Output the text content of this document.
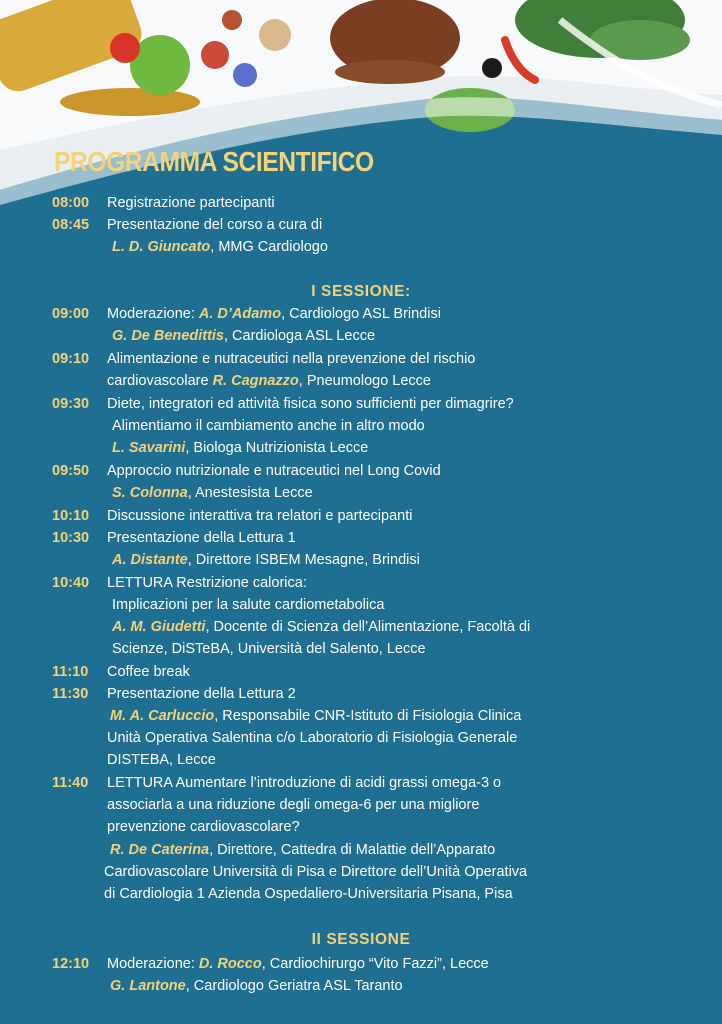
PROGRAMMA SCIENTIFICO
08:00 Registrazione partecipanti
08:45 Presentazione del corso a cura di
L. D. Giuncato, MMG Cardiologo
I SESSIONE:
09:00 Moderazione: A. D’Adamo, Cardiologo ASL Brindisi
G. De Benedittis, Cardiologa ASL Lecce
09:10 Alimentazione e nutraceutici nella prevenzione del rischio
cardiovascolare R. Cagnazzo, Pneumologo Lecce
09:30 Diete, integratori ed attività fisica sono sufficienti per dimagrire?
Alimentiamo il cambiamento anche in altro modo
L. Savarini, Biologa Nutrizionista Lecce
09:50 Approccio nutrizionale e nutraceutici nel Long Covid
S. Colonna, Anestesista Lecce
10:10 Discussione interattiva tra relatori e partecipanti
10:30 Presentazione della Lettura 1
A. Distante, Direttore ISBEM Mesagne, Brindisi
10:40 LETTURA Restrizione calorica:
Implicazioni per la salute cardiometabolica
A. M. Giudetti, Docente di Scienza dell’Alimentazione, Facoltà di
Scienze, DiSTeBA, Università del Salento, Lecce
11:10 Coffee break
11:30 Presentazione della Lettura 2
M. A. Carluccio, Responsabile CNR-Istituto di Fisiologia Clinica
Unità Operativa Salentina c/o Laboratorio di Fisiologia Generale
DISTEBA, Lecce
11:40 LETTURA Aumentare l’introduzione di acidi grassi omega-3 o
associarla a una riduzione degli omega-6 per una migliore
prevenzione cardiovascolare?
R. De Caterina, Direttore, Cattedra di Malattie dell’Apparato
Cardiovascolare Università di Pisa e Direttore dell’Unità Operativa
di Cardiologia 1 Azienda Ospedaliero-Universitaria Pisana, Pisa
II SESSIONE
12:10 Moderazione: D. Rocco, Cardiochirurgo “Vito Fazzi”, Lecce
G. Lantone, Cardiologo Geriatra ASL Taranto
